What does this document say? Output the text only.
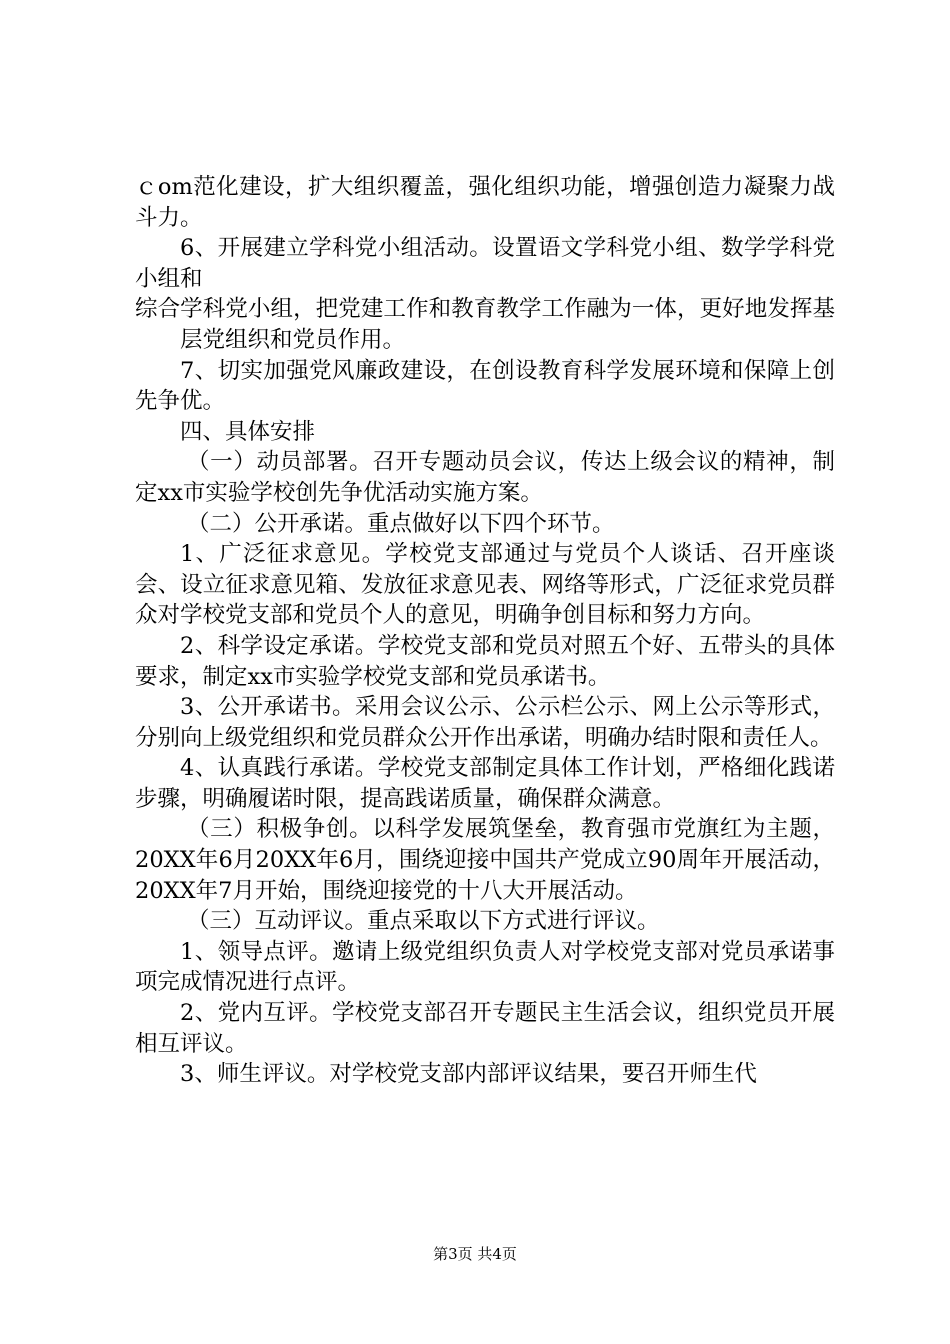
ｃom范化建设，扩大组织覆盖，强化组织功能，增强创造力凝聚力战斗力。

6、开展建立学科党小组活动。设置语文学科党小组、数学学科党小组和

综合学科党小组，把党建工作和教育教学工作融为一体，更好地发挥基层党组织和党员作用。

7、切实加强党风廉政建设，在创设教育科学发展环境和保障上创先争优。

四、具体安排

（一）动员部署。召开专题动员会议，传达上级会议的精神，制定xx市实验学校创先争优活动实施方案。

（二）公开承诺。重点做好以下四个环节。

1、广泛征求意见。学校党支部通过与党员个人谈话、召开座谈会、设立征求意见箱、发放征求意见表、网络等形式，广泛征求党员群众对学校党支部和党员个人的意见，明确争创目标和努力方向。

2、科学设定承诺。学校党支部和党员对照五个好、五带头的具体要求，制定xx市实验学校党支部和党员承诺书。

3、公开承诺书。采用会议公示、公示栏公示、网上公示等形式，分别向上级党组织和党员群众公开作出承诺，明确办结时限和责任人。

4、认真践行承诺。学校党支部制定具体工作计划，严格细化践诺步骤，明确履诺时限，提高践诺质量，确保群众满意。

（三）积极争创。以科学发展筑堡垒，教育强市党旗红为主题，20XX年6月20XX年6月，围绕迎接中国共产党成立90周年开展活动，20XX年7月开始，围绕迎接党的十八大开展活动。

（三）互动评议。重点采取以下方式进行评议。

1、领导点评。邀请上级党组织负责人对学校党支部对党员承诺事项完成情况进行点评。

2、党内互评。学校党支部召开专题民主生活会议，组织党员开展相互评议。

3、师生评议。对学校党支部内部评议结果，要召开师生代

第3页 共4页
